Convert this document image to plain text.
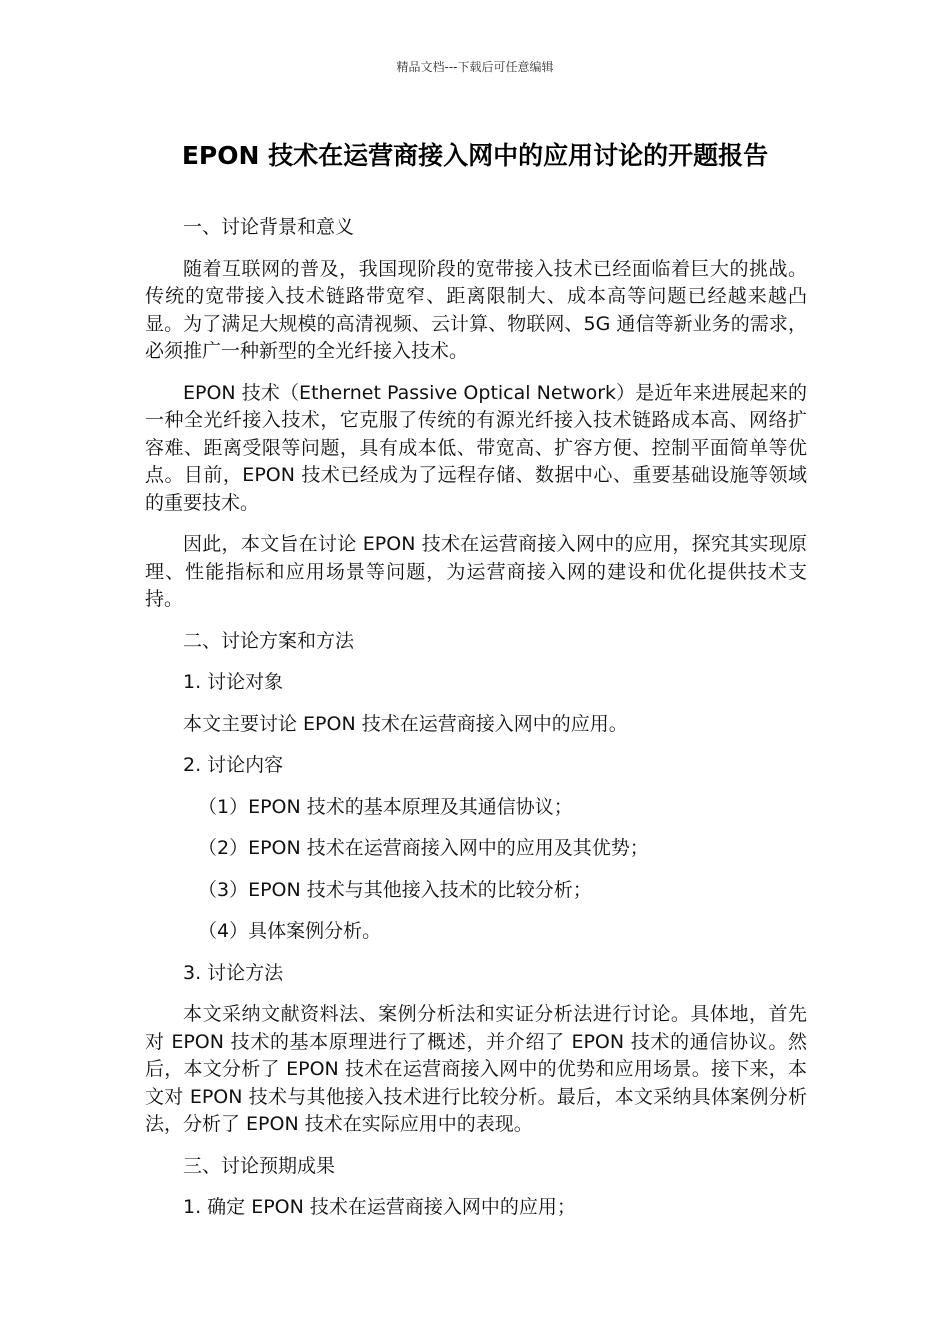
精品文档---下载后可任意编辑
EPON 技术在运营商接入网中的应用讨论的开题报告

一、讨论背景和意义

随着互联网的普及，我国现阶段的宽带接入技术已经面临着巨大的挑战。传统的宽带接入技术链路带宽窄、距离限制大、成本高等问题已经越来越凸显。为了满足大规模的高清视频、云计算、物联网、5G 通信等新业务的需求，必须推广一种新型的全光纤接入技术。

EPON 技术（Ethernet Passive Optical Network）是近年来进展起来的一种全光纤接入技术，它克服了传统的有源光纤接入技术链路成本高、网络扩容难、距离受限等问题，具有成本低、带宽高、扩容方便、控制平面简单等优点。目前，EPON 技术已经成为了远程存储、数据中心、重要基础设施等领域的重要技术。

因此，本文旨在讨论 EPON 技术在运营商接入网中的应用，探究其实现原理、性能指标和应用场景等问题，为运营商接入网的建设和优化提供技术支持。

二、讨论方案和方法

1. 讨论对象

本文主要讨论 EPON 技术在运营商接入网中的应用。

2. 讨论内容

（1）EPON 技术的基本原理及其通信协议；

（2）EPON 技术在运营商接入网中的应用及其优势；

（3）EPON 技术与其他接入技术的比较分析；

（4）具体案例分析。

3. 讨论方法

本文采纳文献资料法、案例分析法和实证分析法进行讨论。具体地，首先对 EPON 技术的基本原理进行了概述，并介绍了 EPON 技术的通信协议。然后，本文分析了 EPON 技术在运营商接入网中的优势和应用场景。接下来，本文对 EPON 技术与其他接入技术进行比较分析。最后，本文采纳具体案例分析法，分析了 EPON 技术在实际应用中的表现。

三、讨论预期成果

1. 确定 EPON 技术在运营商接入网中的应用；
